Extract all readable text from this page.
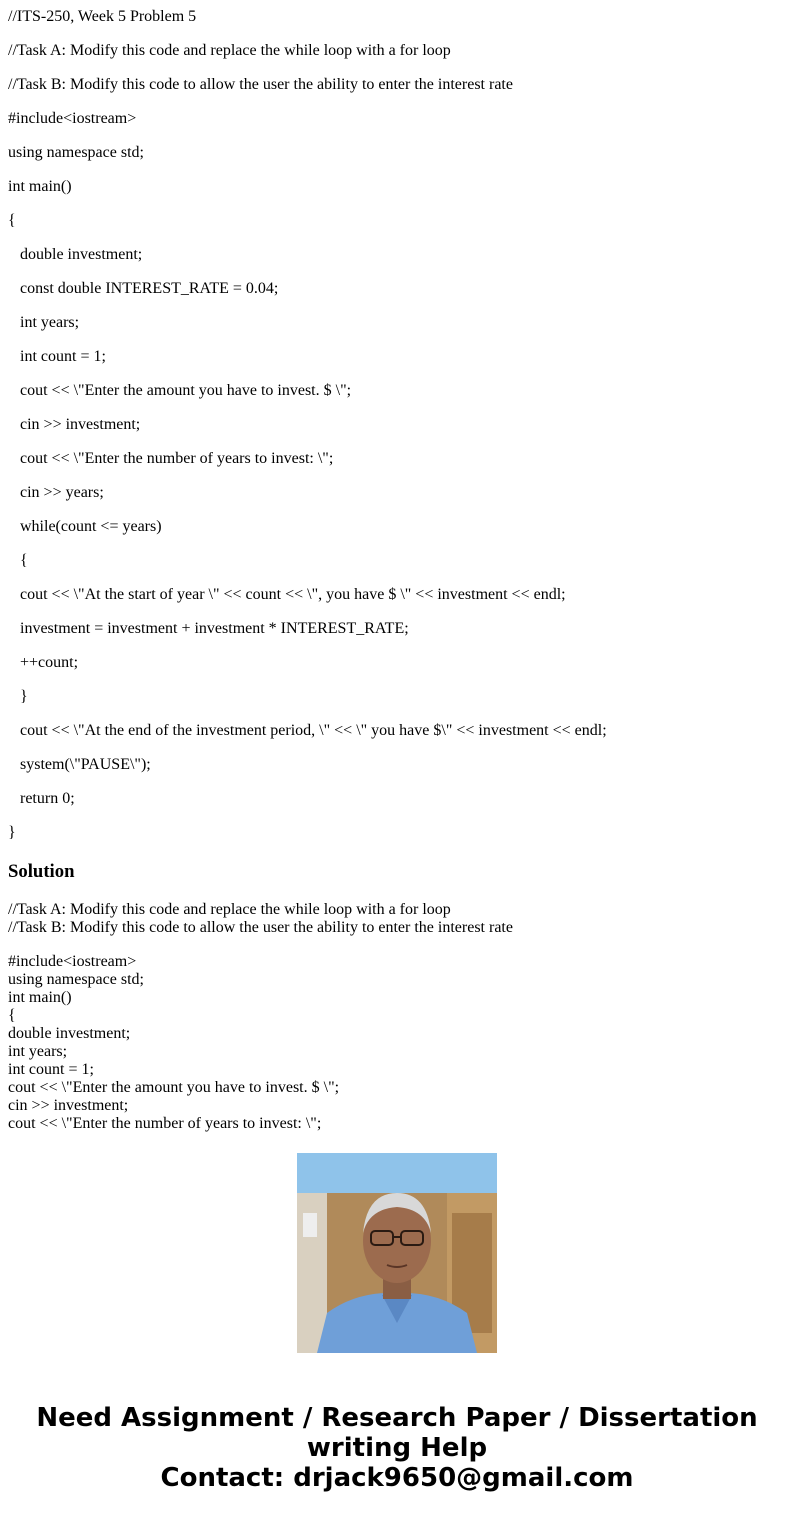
//ITS-250, Week 5 Problem 5

//Task A: Modify this code and replace the while loop with a for loop

//Task B: Modify this code to allow the user the ability to enter the interest rate

#include<iostream>

using namespace std;

int main()

{

double investment;

const double INTEREST_RATE = 0.04;

int years;

int count = 1;

cout << \"Enter the amount you have to invest. $ \";

cin >> investment;

cout << \"Enter the number of years to invest: \";

cin >> years;

while(count <= years)

{

cout << \"At the start of year \" << count << \", you have $ \" << investment << endl;

investment = investment + investment * INTEREST_RATE;

++count;

}

cout << \"At the end of the investment period, \" << \" you have $\" << investment << endl;

system(\"PAUSE\");

return 0;

}

Solution
//Task A: Modify this code and replace the while loop with a for loop
//Task B: Modify this code to allow the user the ability to enter the interest rate
#include<iostream>
using namespace std;
int main()
{
double investment;
int years;
int count = 1;
cout << \"Enter the amount you have to invest. $ \";
cin >> investment;
cout << \"Enter the number of years to invest: \";
Need Assignment / Research Paper / Dissertation
writing Help
Contact: drjack9650@gmail.com
